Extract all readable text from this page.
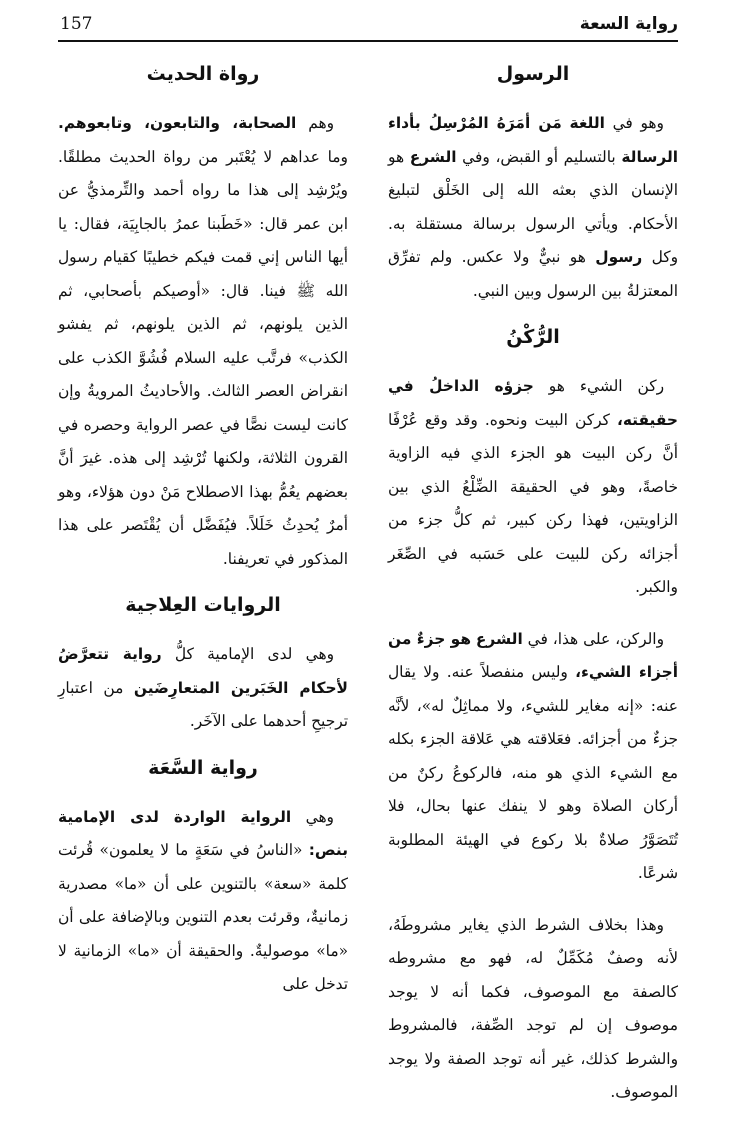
رواية السعة
157
الرسول

وهو في اللغة مَن أمَرَهُ المُرْسِلُ بأداء الرسالة بالتسليم أو القبض، وفي الشرع هو الإنسان الذي بعثه الله إلى الخَلْق لتبليغ الأحكام. ويأتي الرسول برسالة مستقلة به. وكل رسول هو نبيٌّ ولا عكس. ولم تفرِّق المعتزلةُ بين الرسول وبين النبي.

الرُّكْنُ

ركن الشيء هو جزؤه الداخلُ في حقيقته، كركن البيت ونحوه. وقد وقع عُرْفًا أنَّ ركن البيت هو الجزء الذي فيه الزاوية خاصةً، وهو في الحقيقة الضِّلْعُ الذي بين الزاويتين، فهذا ركن كبير، ثم كلُّ جزء من أجزائه ركن للبيت على حَسَبه في الصِّغَر والكبر.

والركن، على هذا، في الشرع هو جزءٌ من أجزاء الشيء، وليس منفصلاً عنه. ولا يقال عنه: «إنه مغاير للشيء، ولا مماثِلٌ له»، لأنَّه جزءٌ من أجزائه. فعَلاقته هي عَلاقة الجزء بكله مع الشيء الذي هو منه، فالركوعُ ركنٌ من أركان الصلاة وهو لا ينفك عنها بحال، فلا تُتَصَوَّرُ صلاةٌ بلا ركوع في الهيئة المطلوبة شرعًا.

وهذا بخلاف الشرط الذي يغاير مشروطَهُ، لأنه وصفٌ مُكَمِّلٌ له، فهو مع مشروطه كالصفة مع الموصوف، فكما أنه لا يوجد موصوف إن لم توجد الصِّفة، فالمشروط والشرط كذلك، غير أنه توجد الصفة ولا يوجد الموصوف.

رواة الحديث

وهم الصحابة، والتابعون، وتابعوهم. وما عداهم لا يُعْتَبر من رواة الحديث مطلقًا. ويُرْشِد إلى هذا ما رواه أحمد والتِّرمذيُّ عن ابن عمر قال: «خَطَبنا عمرُ بالجابِيَة، فقال: يا أيها الناس إني قمت فيكم خطيبًا كقيام رسول الله ﷺ فينا. قال: «أوصيكم بأصحابي، ثم الذين يلونهم، ثم الذين يلونهم، ثم يفشو الكذب» فرتَّب عليه السلام فُشُوَّ الكذب على انقراض العصر الثالث. والأحاديثُ المرويةُ وإن كانت ليست نصًّا في عصر الرواية وحصره في القرون الثلاثة، ولكنها تُرْشِد إلى هذه. غيرَ أنَّ بعضهم يعُمُّ بهذا الاصطلاح مَنْ دون هؤلاء، وهو أمرٌ يُحدِثُ خَلَلاً. فيُفَضَّل أن يُقْتَصر على هذا المذكور في تعريفنا.

الروايات العِلاجية

وهي لدى الإمامية كلُّ رواية تتعرَّضُ لأحكام الخَبَرين المتعارِضَين من اعتبارِ ترجيحِ أحدهما على الآخَر.

رواية السَّعَة

وهي الرواية الواردة لدى الإمامية بنص: «الناسُ في سَعَةٍ ما لا يعلمون» قُرئت كلمة «سعة» بالتنوين على أن «ما» مصدرية زمانيةٌ، وقرئت بعدم التنوين وبالإضافة على أن «ما» موصوليةٌ. والحقيقة أن «ما» الزمانية لا تدخل على
